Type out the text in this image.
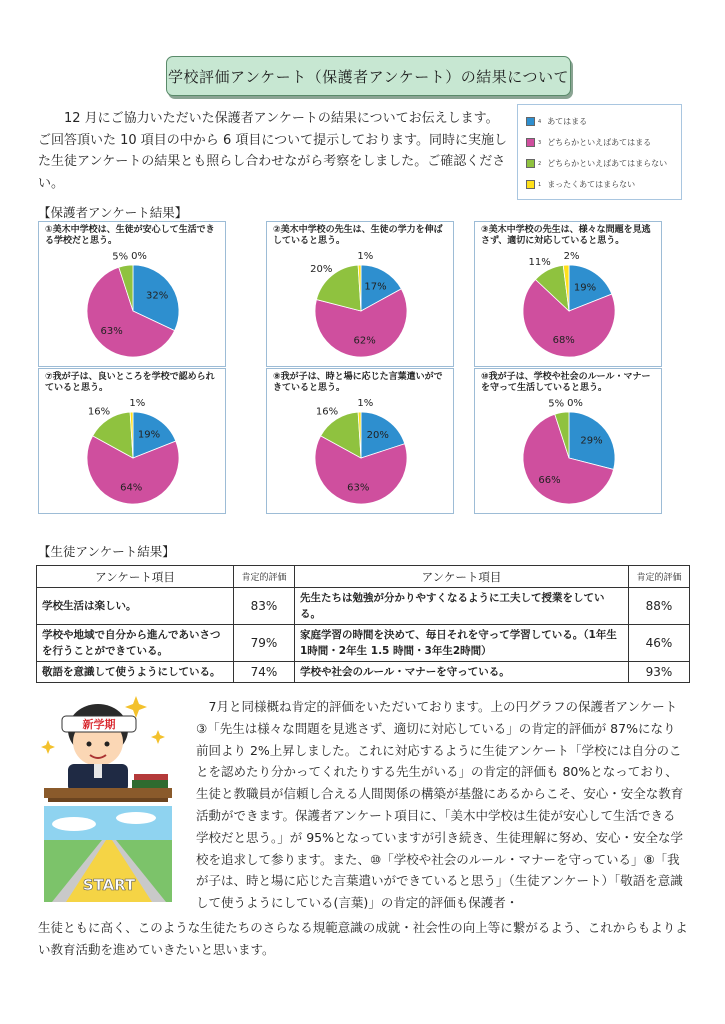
学校評価アンケート（保護者アンケート）の結果について
12 月にご協力いただいた保護者アンケートの結果についてお伝えします。ご回答頂いた 10 項目の中から 6 項目について提示しております。同時に実施した生徒アンケートの結果とも照らし合わせながら考察をしました。ご確認ください。
4 あてはまる
3 どちらかといえばあてはまる
2 どちらかといえばあてはまらない
1 まったくあてはまらない
【保護者アンケート結果】
32%
63%
5% 0%
①美木中学校は、生徒が安心して生活できる学校だと思う。
17%
62%
20%
1%
②美木中学校の先生は、生徒の学力を伸ばしていると思う。
19%
68%
11%
2%
③美木中学校の先生は、様々な問題を見逃さず、適切に対応していると思う。
19%
64%
16%
1%
⑦我が子は、良いところを学校で認められていると思う。
20%
63%
16%
1%
⑧我が子は、時と場に応じた言葉遣いができていると思う。
29%
66%
5% 0%
⑩我が子は、学校や社会のルール・マナーを守って生活していると思う。
【生徒アンケート結果】
アンケート項目	肯定的評価	アンケート項目	肯定的評価
学校生活は楽しい。	83%	先生たちは勉強が分かりやすくなるように工夫して授業をしている。	88%
学校や地域で自分から進んであいさつを行うことができている。	79%	家庭学習の時間を決めて、毎日それを守って学習している。（1年生1時間・2年生 1.5 時間・3年生2時間）	46%
敬語を意識して使うようにしている。	74%	学校や社会のルール・マナーを守っている。	93%
新学期
START
7月と同様概ね肯定的評価をいただいております。上の円グラフの保護者アンケート③「先生は様々な問題を見逃さず、適切に対応している」の肯定的評価が 87%になり前回より 2%上昇しました。これに対応するように生徒アンケート「学校には自分のことを認めたり分かってくれたりする先生がいる」の肯定的評価も 80%となっており、生徒と教職員が信頼し合える人間関係の構築が基盤にあるからこそ、安心・安全な教育活動ができます。保護者アンケート項目に、「美木中学校は生徒が安心して生活できる学校だと思う。」が 95%となっていますが引き続き、生徒理解に努め、安心・安全な学校を追求して参ります。また、⑩「学校や社会のルール・マナーを守っている」⑧「我が子は、時と場に応じた言葉遣いができていると思う」（生徒アンケート）「敬語を意識して使うようにしている(言葉)」の肯定的評価も保護者・
生徒ともに高く、このような生徒たちのさらなる規範意識の成就・社会性の向上等に繋がるよう、これからもよりよい教育活動を進めていきたいと思います。
